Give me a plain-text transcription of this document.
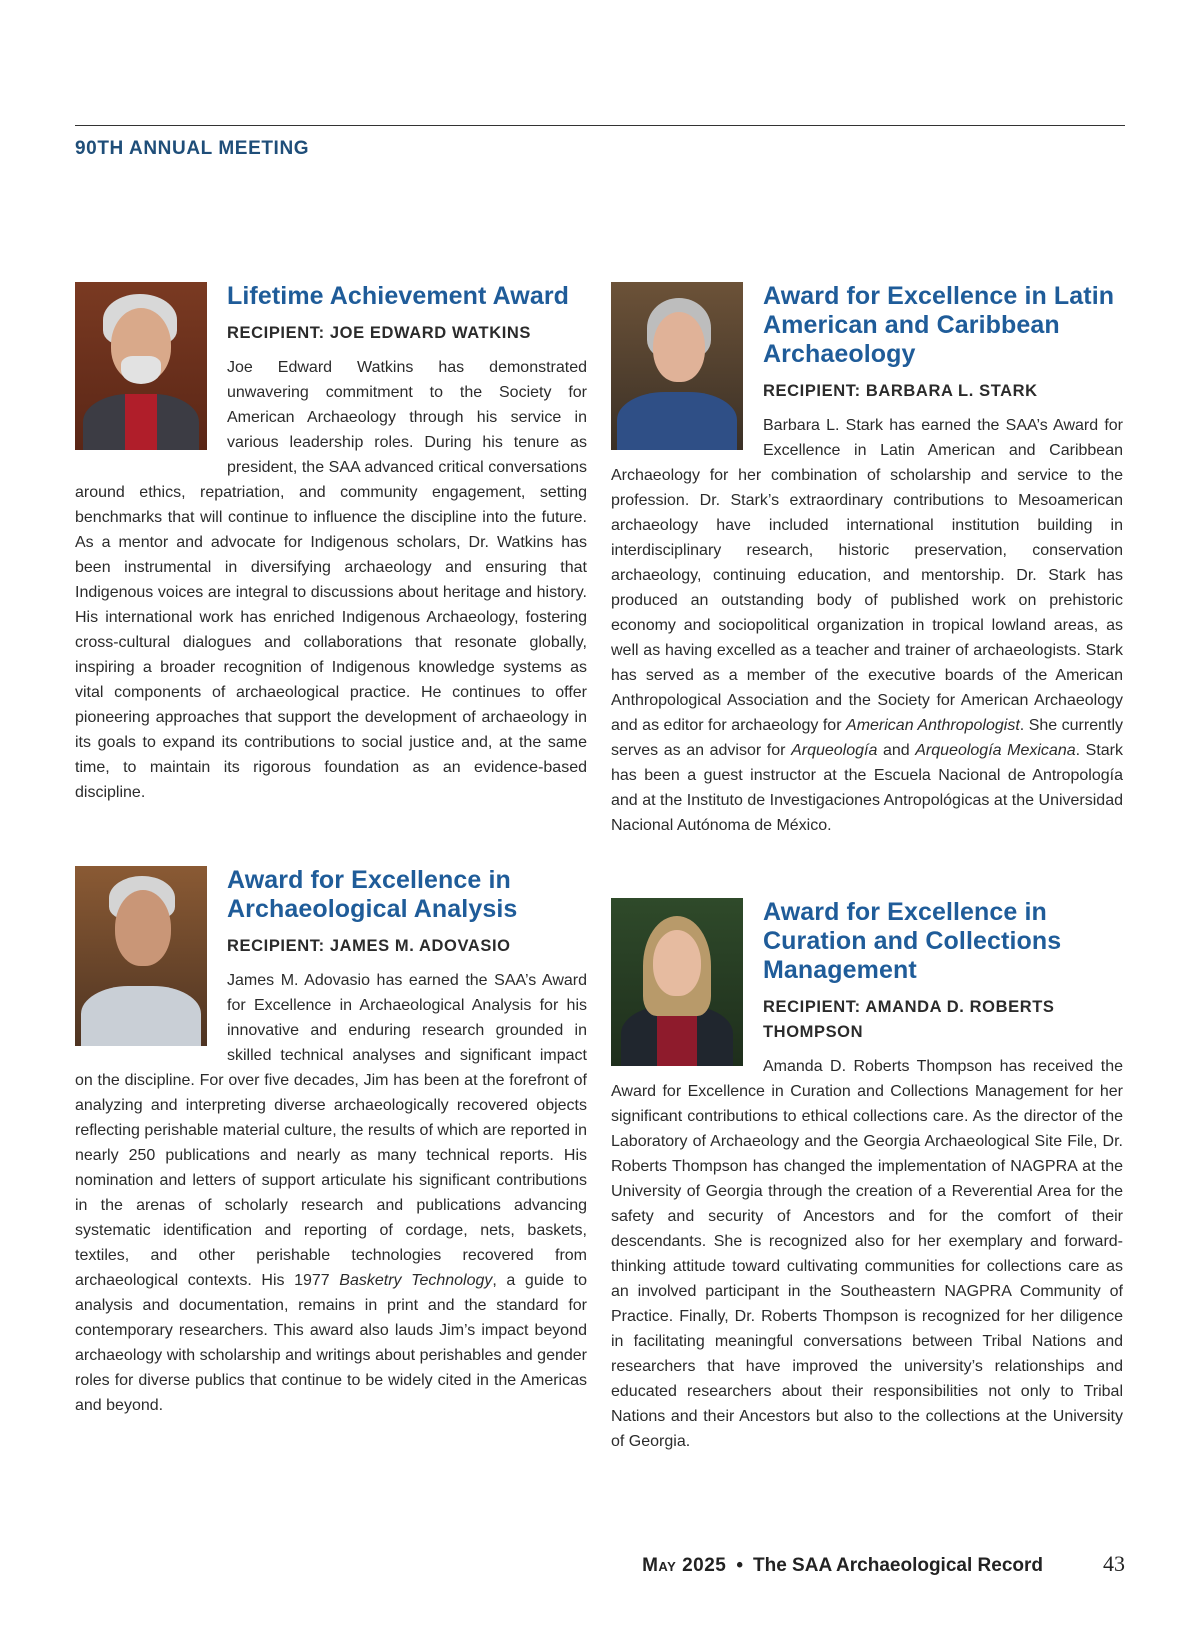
90TH ANNUAL MEETING
Lifetime Achievement Award

RECIPIENT: JOE EDWARD WATKINS

Joe Edward Watkins has demonstrated unwavering commitment to the Society for American Archaeology through his service in various leadership roles. During his tenure as president, the SAA advanced critical conversations around ethics, repatriation, and community engagement, setting benchmarks that will continue to influence the discipline into the future. As a mentor and advocate for Indigenous scholars, Dr. Watkins has been instrumental in diversifying archaeology and ensuring that Indigenous voices are integral to discussions about heritage and history. His international work has enriched Indigenous Archaeology, fostering cross-cultural dialogues and collaborations that resonate globally, inspiring a broader recognition of Indigenous knowledge systems as vital components of archaeological practice. He continues to offer pioneering approaches that support the development of archaeology in its goals to expand its contributions to social justice and, at the same time, to maintain its rigorous foundation as an evidence-based discipline.

Award for Excellence in Archaeological Analysis

RECIPIENT: JAMES M. ADOVASIO

James M. Adovasio has earned the SAA’s Award for Excellence in Archaeological Analysis for his innovative and enduring research grounded in skilled technical analyses and significant impact on the discipline. For over five decades, Jim has been at the forefront of analyzing and interpreting diverse archaeologically recovered objects reflecting perishable material culture, the results of which are reported in nearly 250 publications and nearly as many technical reports. His nomination and letters of support articulate his significant contributions in the arenas of scholarly research and publications advancing systematic identification and reporting of cordage, nets, baskets, textiles, and other perishable technologies recovered from archaeological contexts. His 1977 Basketry Technology, a guide to analysis and documentation, remains in print and the standard for contemporary researchers. This award also lauds Jim’s impact beyond archaeology with scholarship and writings about perishables and gender roles for diverse publics that continue to be widely cited in the Americas and beyond.

Award for Excellence in Latin American and Caribbean Archaeology

RECIPIENT: BARBARA L. STARK

Barbara L. Stark has earned the SAA’s Award for Excellence in Latin American and Caribbean Archaeology for her combination of scholarship and service to the profession. Dr. Stark’s extraordinary contributions to Mesoamerican archaeology have included international institution building in interdisciplinary research, historic preservation, conservation archaeology, continuing education, and mentorship. Dr. Stark has produced an outstanding body of published work on prehistoric economy and sociopolitical organization in tropical lowland areas, as well as having excelled as a teacher and trainer of archaeologists. Stark has served as a member of the executive boards of the American Anthropological Association and the Society for American Archaeology and as editor for archaeology for American Anthropologist. She currently serves as an advisor for Arqueología and Arqueología Mexicana. Stark has been a guest instructor at the Escuela Nacional de Antropología and at the Instituto de Investigaciones Antropológicas at the Universidad Nacional Autónoma de México.

Award for Excellence in Curation and Collections Management

RECIPIENT: AMANDA D. ROBERTS THOMPSON

Amanda D. Roberts Thompson has received the Award for Excellence in Curation and Collections Management for her significant contributions to ethical collections care. As the director of the Laboratory of Archaeology and the Georgia Archaeological Site File, Dr. Roberts Thompson has changed the implementation of NAGPRA at the University of Georgia through the creation of a Reverential Area for the safety and security of Ancestors and for the comfort of their descendants. She is recognized also for her exemplary and forward-thinking attitude toward cultivating communities for collections care as an involved participant in the Southeastern NAGPRA Community of Practice. Finally, Dr. Roberts Thompson is recognized for her diligence in facilitating meaningful conversations between Tribal Nations and researchers that have improved the university’s relationships and educated researchers about their responsibilities not only to Tribal Nations and their Ancestors but also to the collections at the University of Georgia.

May 2025 • The SAA Archaeological Record	43
